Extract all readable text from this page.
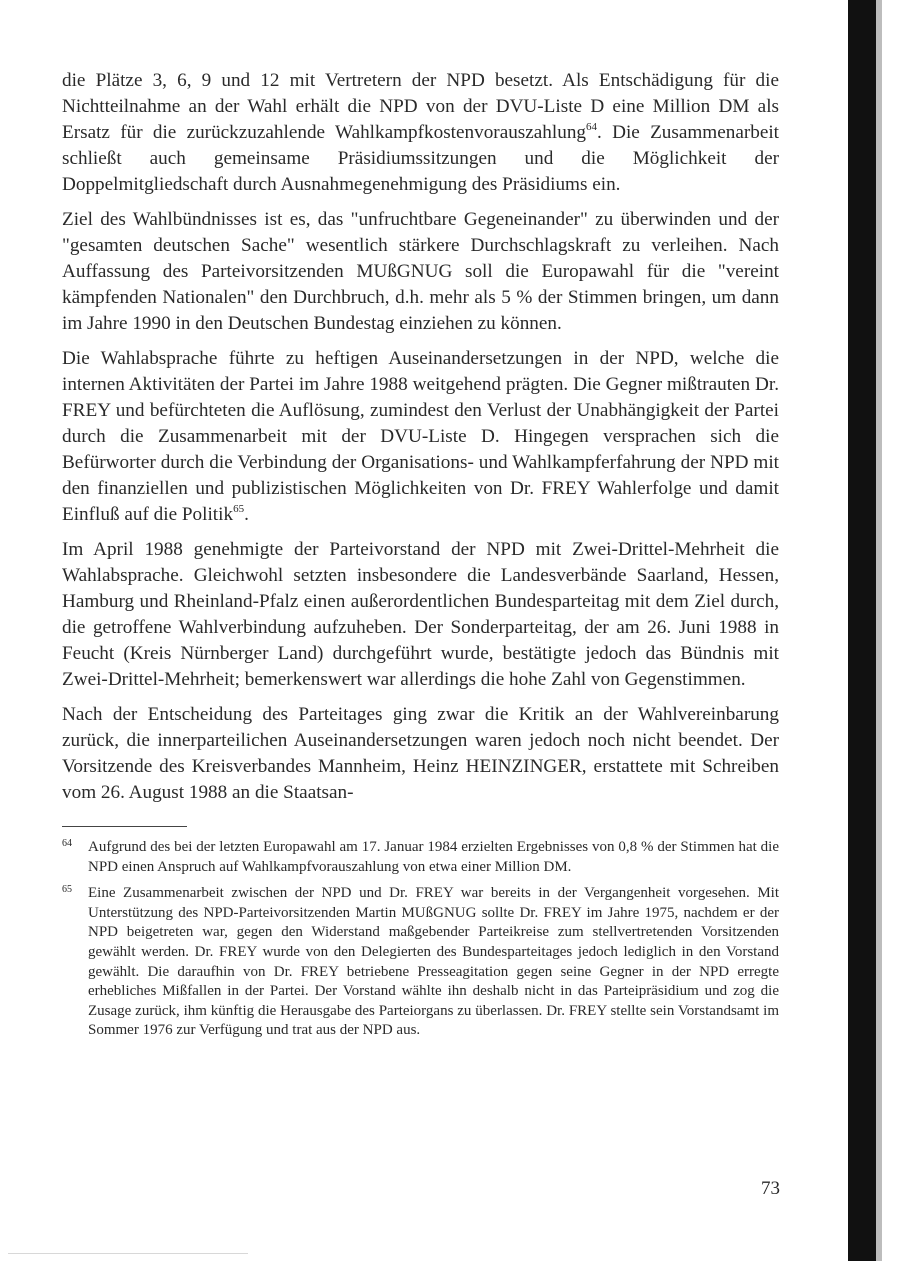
die Plätze 3, 6, 9 und 12 mit Vertretern der NPD besetzt. Als Entschädigung für die Nichtteilnahme an der Wahl erhält die NPD von der DVU-Liste D eine Million DM als Ersatz für die zurückzuzahlende Wahlkampfkostenvorauszahlung$^{64}$. Die Zusammenarbeit schließt auch gemeinsame Präsidiumssitzungen und die Möglichkeit der Doppelmitgliedschaft durch Ausnahmegenehmigung des Präsidiums ein.

Ziel des Wahlbündnisses ist es, das "unfruchtbare Gegeneinander" zu überwinden und der "gesamten deutschen Sache" wesentlich stärkere Durchschlagskraft zu verleihen. Nach Auffassung des Parteivorsitzenden MUßGNUG soll die Europawahl für die "vereint kämpfenden Nationalen" den Durchbruch, d.h. mehr als 5 % der Stimmen bringen, um dann im Jahre 1990 in den Deutschen Bundestag einziehen zu können.

Die Wahlabsprache führte zu heftigen Auseinandersetzungen in der NPD, welche die internen Aktivitäten der Partei im Jahre 1988 weitgehend prägten. Die Gegner mißtrauten Dr. FREY und befürchteten die Auflösung, zumindest den Verlust der Unabhängigkeit der Partei durch die Zusammenarbeit mit der DVU-Liste D. Hingegen versprachen sich die Befürworter durch die Verbindung der Organisations- und Wahlkampferfahrung der NPD mit den finanziellen und publizistischen Möglichkeiten von Dr. FREY Wahlerfolge und damit Einfluß auf die Politik$^{65}$.

Im April 1988 genehmigte der Parteivorstand der NPD mit Zwei-Drittel-Mehrheit die Wahlabsprache. Gleichwohl setzten insbesondere die Landesverbände Saarland, Hessen, Hamburg und Rheinland-Pfalz einen außerordentlichen Bundesparteitag mit dem Ziel durch, die getroffene Wahlverbindung aufzuheben. Der Sonderparteitag, der am 26. Juni 1988 in Feucht (Kreis Nürnberger Land) durchgeführt wurde, bestätigte jedoch das Bündnis mit Zwei-Drittel-Mehrheit; bemerkenswert war allerdings die hohe Zahl von Gegenstimmen.

Nach der Entscheidung des Parteitages ging zwar die Kritik an der Wahlvereinbarung zurück, die innerparteilichen Auseinandersetzungen waren jedoch noch nicht beendet. Der Vorsitzende des Kreisverbandes Mannheim, Heinz HEINZINGER, erstattete mit Schreiben vom 26. August 1988 an die Staatsan-

64	Aufgrund des bei der letzten Europawahl am 17. Januar 1984 erzielten Ergebnisses von 0,8 % der Stimmen hat die NPD einen Anspruch auf Wahlkampfvorauszahlung von etwa einer Million DM.
65	Eine Zusammenarbeit zwischen der NPD und Dr. FREY war bereits in der Vergangenheit vorgesehen. Mit Unterstützung des NPD-Parteivorsitzenden Martin MUßGNUG sollte Dr. FREY im Jahre 1975, nachdem er der NPD beigetreten war, gegen den Widerstand maßgebender Parteikreise zum stellvertretenden Vorsitzenden gewählt werden. Dr. FREY wurde von den Delegierten des Bundesparteitages jedoch lediglich in den Vorstand gewählt. Die daraufhin von Dr. FREY betriebene Presseagitation gegen seine Gegner in der NPD erregte erhebliches Mißfallen in der Partei. Der Vorstand wählte ihn deshalb nicht in das Parteipräsidium und zog die Zusage zurück, ihm künftig die Herausgabe des Parteiorgans zu überlassen. Dr. FREY stellte sein Vorstandsamt im Sommer 1976 zur Verfügung und trat aus der NPD aus.
73
